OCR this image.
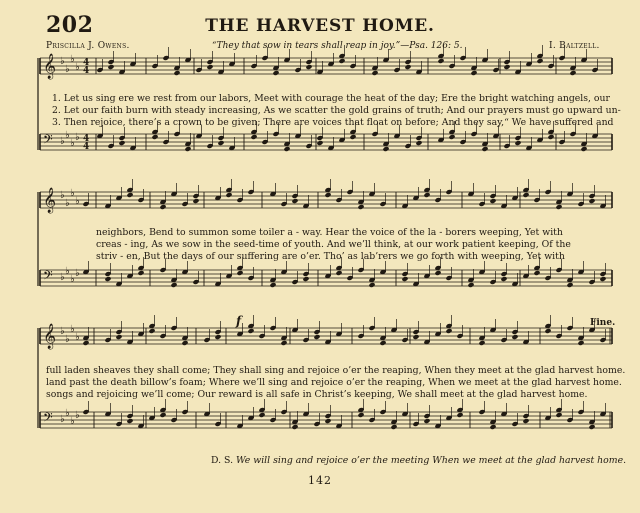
202	THE HARVEST HOME.
Priscilla J. Owens.	“They that sow in tears shall reap in joy.”—Psa. 126: 5.	I. Baltzell.
𝄞 ♭
♭
♭
♭ 4
4
𝄢 ♭
♭
♭
♭ 4
4
𝄞 ♭
♭
♭
♭
𝄢 ♭
♭
♭
♭
𝄞 ♭
♭
♭
♭
𝄢 ♭
♭
♭
♭
f
1. Let us sing ere we rest from our labors, Meet with courage the heat of the day; Ere the bright watching angels, our
2. Let our faith burn with steady increasing, As we scatter the gold grains of truth; And our prayers must go upward un-
3. Then rejoice, there’s a crown to be given; There are voices that float on before; And they say,“ We have suffered and
neighbors, Bend to summon some toiler a - way. Hear the voice of the la - borers weeping, Yet with
creas - ing, As we sow in the seed-time of youth. And we’ll think, at our work patient keeping, Of the
striv - en, But the days of our suffering are o’er. Tho’ as lab’rers we go forth with weeping, Yet with
full laden sheaves they shall come; They shall sing and rejoice o’er the reaping, When they meet at the glad harvest home.
land past the death billow’s foam; Where we’ll sing and rejoice o’er the reaping, When we meet at the glad harvest home.
songs and rejoicing we’ll come; Our reward is all safe in Christ’s keeping, We shall meet at the glad harvest home.
Fine.
D. S. We will sing and rejoice o’er the meeting When we meet at the glad harvest home.
142
